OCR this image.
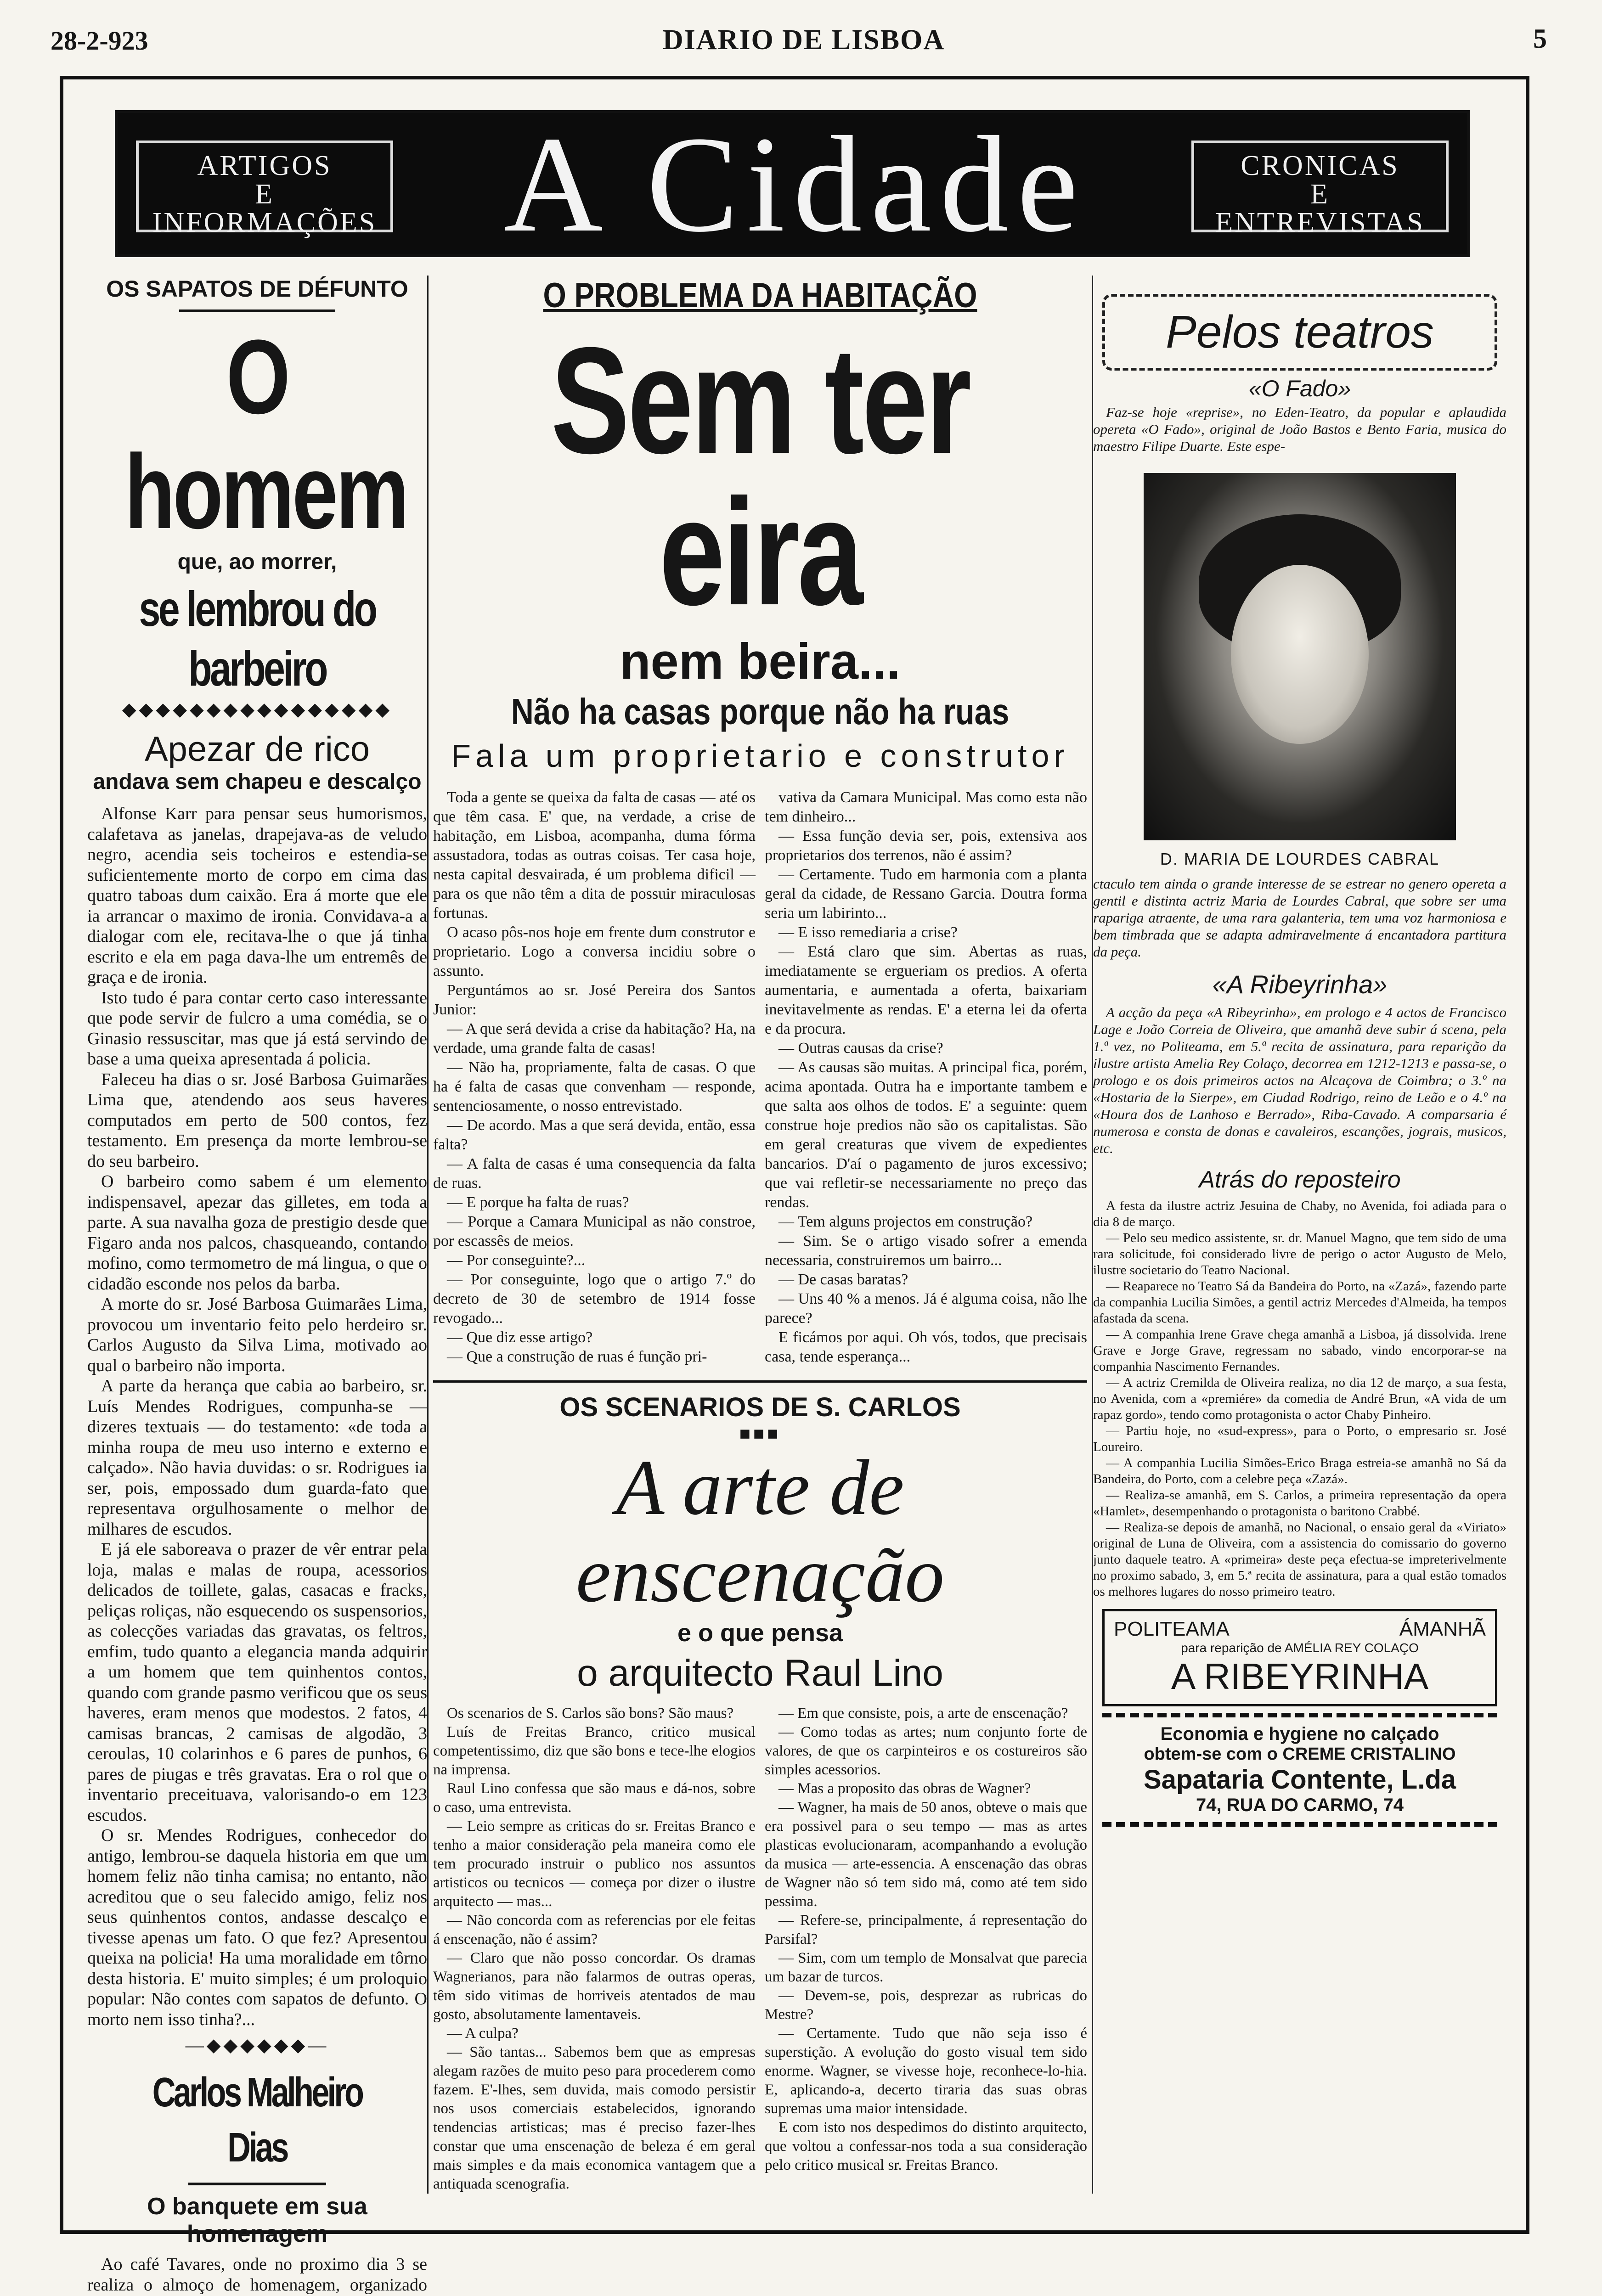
28-2-923	DIARIO DE LISBOA	5
ARTIGOS
E
INFORMAÇÕES A Cidade	CRONICAS
E
ENTREVISTAS
OS SAPATOS DE DÉFUNTO
O homem
que, ao morrer,
se lembrou do barbeiro
◆◆◆◆◆◆◆◆◆◆◆◆◆◆◆◆
Apezar de rico
andava sem chapeu e descalço

Alfonse Karr para pensar seus humorismos, calafetava as janelas, drapejava-as de veludo negro, acendia seis tocheiros e estendia-se suficientemente morto de corpo em cima das quatro taboas dum caixão. Era á morte que ele ia arrancar o maximo de ironia. Convidava-a a dialogar com ele, recitava-lhe o que já tinha escrito e ela em paga dava-lhe um entremês de graça e de ironia.

Isto tudo é para contar certo caso interessante que pode servir de fulcro a uma comédia, se o Ginasio ressuscitar, mas que já está servindo de base a uma queixa apresentada á policia.

Faleceu ha dias o sr. José Barbosa Guimarães Lima que, atendendo aos seus haveres computados em perto de 500 contos, fez testamento. Em presença da morte lembrou-se do seu barbeiro.

O barbeiro como sabem é um elemento indispensavel, apezar das gilletes, em toda a parte. A sua navalha goza de prestigio desde que Figaro anda nos palcos, chasqueando, contando mofino, como termometro de má lingua, o que o cidadão esconde nos pelos da barba.

A morte do sr. José Barbosa Guimarães Lima, provocou um inventario feito pelo herdeiro sr. Carlos Augusto da Silva Lima, motivado ao qual o barbeiro não importa.

A parte da herança que cabia ao barbeiro, sr. Luís Mendes Rodrigues, compunha-se — dizeres textuais — do testamento: «de toda a minha roupa de meu uso interno e externo e calçado». Não havia duvidas: o sr. Rodrigues ia ser, pois, empossado dum guarda-fato que representava orgulhosamente o melhor de milhares de escudos.

E já ele saboreava o prazer de vêr entrar pela loja, malas e malas de roupa, acessorios delicados de toillete, galas, casacas e fracks, peliças roliças, não esquecendo os suspensorios, as colecções variadas das gravatas, os feltros, emfim, tudo quanto a elegancia manda adquirir a um homem que tem quinhentos contos, quando com grande pasmo verificou que os seus haveres, eram menos que modestos. 2 fatos, 4 camisas brancas, 2 camisas de algodão, 3 ceroulas, 10 colarinhos e 6 pares de punhos, 6 pares de piugas e três gravatas. Era o rol que o inventario preceituava, valorisando-o em 123 escudos.

O sr. Mendes Rodrigues, conhecedor do antigo, lembrou-se daquela historia em que um homem feliz não tinha camisa; no entanto, não acreditou que o seu falecido amigo, feliz nos seus quinhentos contos, andasse descalço e tivesse apenas um fato. O que fez? Apresentou queixa na policia! Ha uma moralidade em tôrno desta historia. E' muito simples; é um proloquio popular: Não contes com sapatos de defunto. O morto nem isso tinha?...

—◆◆◆◆◆◆—
Carlos Malheiro Dias
O banquete em sua homenagem

Ao café Tavares, onde no proximo dia 3 se realiza o almoço de homenagem, organizado

O PROBLEMA DA HABITAÇÃO
Sem ter eira
nem beira...
Não ha casas porque não ha ruas
Fala um proprietario e construtor

Toda a gente se queixa da falta de casas — até os que têm casa. E' que, na verdade, a crise de habitação, em Lisboa, acompanha, duma fórma assustadora, todas as outras coisas. Ter casa hoje, nesta capital desvairada, é um problema dificil — para os que não têm a dita de possuir miraculosas fortunas.

O acaso pôs-nos hoje em frente dum construtor e proprietario. Logo a conversa incidiu sobre o assunto.

Perguntámos ao sr. José Pereira dos Santos Junior:

— A que será devida a crise da habitação? Ha, na verdade, uma grande falta de casas!

— Não ha, propriamente, falta de casas. O que ha é falta de casas que convenham — responde, sentenciosamente, o nosso entrevistado.

— De acordo. Mas a que será devida, então, essa falta?

— A falta de casas é uma consequencia da falta de ruas.

— E porque ha falta de ruas?

— Porque a Camara Municipal as não constroe, por escassês de meios.

— Por conseguinte?...

— Por conseguinte, logo que o artigo 7.º do decreto de 30 de setembro de 1914 fosse revogado...

— Que diz esse artigo?

— Que a construção de ruas é função pri-

vativa da Camara Municipal. Mas como esta não tem dinheiro...

— Essa função devia ser, pois, extensiva aos proprietarios dos terrenos, não é assim?

— Certamente. Tudo em harmonia com a planta geral da cidade, de Ressano Garcia. Doutra forma seria um labirinto...

— E isso remediaria a crise?

— Está claro que sim. Abertas as ruas, imediatamente se ergueriam os predios. A oferta aumentaria, e aumentada a oferta, baixariam inevitavelmente as rendas. E' a eterna lei da oferta e da procura.

— Outras causas da crise?

— As causas são muitas. A principal fica, porém, acima apontada. Outra ha e importante tambem e que salta aos olhos de todos. E' a seguinte: quem construe hoje predios não são os capitalistas. São em geral creaturas que vivem de expedientes bancarios. D'aí o pagamento de juros excessivo; que vai refletir-se necessariamente no preço das rendas.

— Tem alguns projectos em construção?

— Sim. Se o artigo visado sofrer a emenda necessaria, construiremos um bairro...

— De casas baratas?

— Uns 40 % a menos. Já é alguma coisa, não lhe parece?

E ficámos por aqui. Oh vós, todos, que precisais casa, tende esperança...

OS SCENARIOS DE S. CARLOS
■■■
A arte de enscenação
e o que pensa
o arquitecto Raul Lino

Os scenarios de S. Carlos são bons? São maus?

Luís de Freitas Branco, critico musical competentissimo, diz que são bons e tece-lhe elogios na imprensa.

Raul Lino confessa que são maus e dá-nos, sobre o caso, uma entrevista.

— Leio sempre as criticas do sr. Freitas Branco e tenho a maior consideração pela maneira como ele tem procurado instruir o publico nos assuntos artisticos ou tecnicos — começa por dizer o ilustre arquitecto — mas...

— Não concorda com as referencias por ele feitas á enscenação, não é assim?

— Claro que não posso concordar. Os dramas Wagnerianos, para não falarmos de outras operas, têm sido vitimas de horriveis atentados de mau gosto, absolutamente lamentaveis.

— A culpa?

— São tantas... Sabemos bem que as empresas alegam razões de muito peso para procederem como fazem. E'-lhes, sem duvida, mais comodo persistir nos usos comerciais estabelecidos, ignorando tendencias artisticas; mas é preciso fazer-lhes constar que uma enscenação de beleza é em geral mais simples e da mais economica vantagem que a antiquada scenografia.

— Em que consiste, pois, a arte de enscenação?

— Como todas as artes; num conjunto forte de valores, de que os carpinteiros e os costureiros são simples acessorios.

— Mas a proposito das obras de Wagner?

— Wagner, ha mais de 50 anos, obteve o mais que era possivel para o seu tempo — mas as artes plasticas evolucionaram, acompanhando a evolução da musica — arte-essencia. A enscenação das obras de Wagner não só tem sido má, como até tem sido pessima.

— Refere-se, principalmente, á representação do Parsifal?

— Sim, com um templo de Monsalvat que parecia um bazar de turcos.

— Devem-se, pois, desprezar as rubricas do Mestre?

— Certamente. Tudo que não seja isso é superstição. A evolução do gosto visual tem sido enorme. Wagner, se vivesse hoje, reconhece-lo-hia. E, aplicando-a, decerto tiraria das suas obras supremas uma maior intensidade.

E com isto nos despedimos do distinto arquitecto, que voltou a confessar-nos toda a sua consideração pelo critico musical sr. Freitas Branco.

Pelos teatros
«O Fado»

Faz-se hoje «reprise», no Eden-Teatro, da popular e aplaudida opereta «O Fado», original de João Bastos e Bento Faria, musica do maestro Filipe Duarte. Este espe-

D. MARIA DE LOURDES CABRAL

ctaculo tem ainda o grande interesse de se estrear no genero opereta a gentil e distinta actriz Maria de Lourdes Cabral, que sobre ser uma rapariga atraente, de uma rara galanteria, tem uma voz harmoniosa e bem timbrada que se adapta admiravelmente á encantadora partitura da peça.

«A Ribeyrinha»

A acção da peça «A Ribeyrinha», em prologo e 4 actos de Francisco Lage e João Correia de Oliveira, que amanhã deve subir á scena, pela 1.ª vez, no Politeama, em 5.ª recita de assinatura, para reparição da ilustre artista Amelia Rey Colaço, decorrea em 1212-1213 e passa-se, o prologo e os dois primeiros actos na Alcaçova de Coimbra; o 3.º na «Hostaria de la Sierpe», em Ciudad Rodrigo, reino de Leão e o 4.º na «Houra dos de Lanhoso e Berrado», Riba-Cavado. A comparsaria é numerosa e consta de donas e cavaleiros, escanções, jograis, musicos, etc.

Atrás do reposteiro

A festa da ilustre actriz Jesuina de Chaby, no Avenida, foi adiada para o dia 8 de março.

— Pelo seu medico assistente, sr. dr. Manuel Magno, que tem sido de uma rara solicitude, foi considerado livre de perigo o actor Augusto de Melo, ilustre societario do Teatro Nacional.

— Reaparece no Teatro Sá da Bandeira do Porto, na «Zazá», fazendo parte da companhia Lucilia Simões, a gentil actriz Mercedes d'Almeida, ha tempos afastada da scena.

— A companhia Irene Grave chega amanhã a Lisboa, já dissolvida. Irene Grave e Jorge Grave, regressam no sabado, vindo encorporar-se na companhia Nascimento Fernandes.

— A actriz Cremilda de Oliveira realiza, no dia 12 de março, a sua festa, no Avenida, com a «premiére» da comedia de André Brun, «A vida de um rapaz gordo», tendo como protagonista o actor Chaby Pinheiro.

— Partiu hoje, no «sud-express», para o Porto, o empresario sr. José Loureiro.

— A companhia Lucilia Simões-Erico Braga estreia-se amanhã no Sá da Bandeira, do Porto, com a celebre peça «Zazá».

— Realiza-se amanhã, em S. Carlos, a primeira representação da opera «Hamlet», desempenhando o protagonista o baritono Crabbé.

— Realiza-se depois de amanhã, no Nacional, o ensaio geral da «Viriato» original de Luna de Oliveira, com a assistencia do comissario do governo junto daquele teatro. A «primeira» deste peça efectua-se impreterivelmente no proximo sabado, 3, em 5.ª recita de assinatura, para a qual estão tomados os melhores lugares do nosso primeiro teatro.

POLITEAMA	ÁMANHÃ
para reparição de AMÉLIA REY COLAÇO
A RIBEYRINHA
Economia e hygiene no calçado
obtem-se com o CREME CRISTALINO
Sapataria Contente, L.da
74, RUA DO CARMO, 74
